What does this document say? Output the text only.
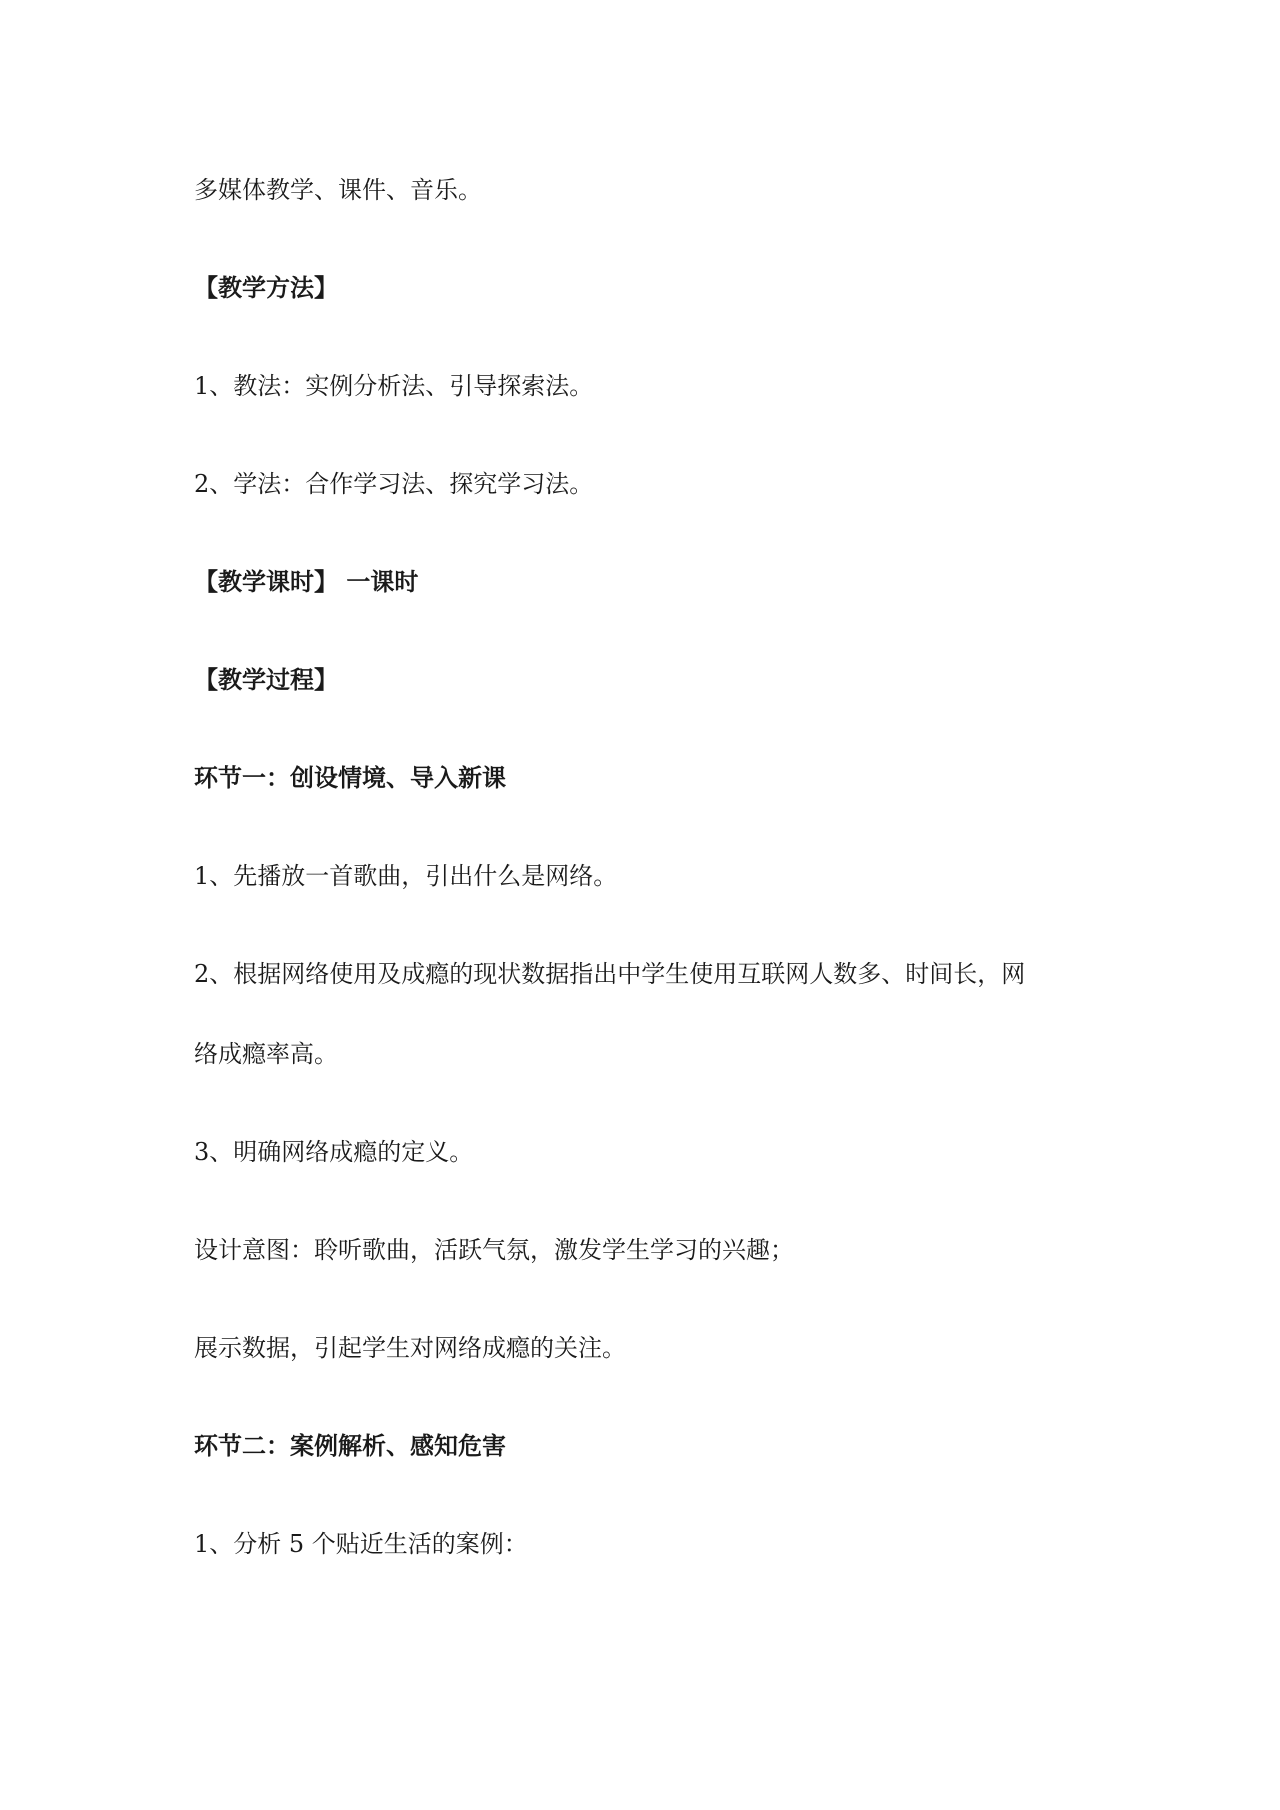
多媒体教学、课件、音乐。

【教学方法】

1、教法：实例分析法、引导探索法。

2、学法：合作学习法、探究学习法。

【教学课时】 一课时

【教学过程】

环节一：创设情境、导入新课

1、先播放一首歌曲，引出什么是网络。

2、根据网络使用及成瘾的现状数据指出中学生使用互联网人数多、时间长，网

络成瘾率高。

3、明确网络成瘾的定义。

设计意图：聆听歌曲，活跃气氛，激发学生学习的兴趣；

展示数据，引起学生对网络成瘾的关注。

环节二：案例解析、感知危害

1、分析 5 个贴近生活的案例：
